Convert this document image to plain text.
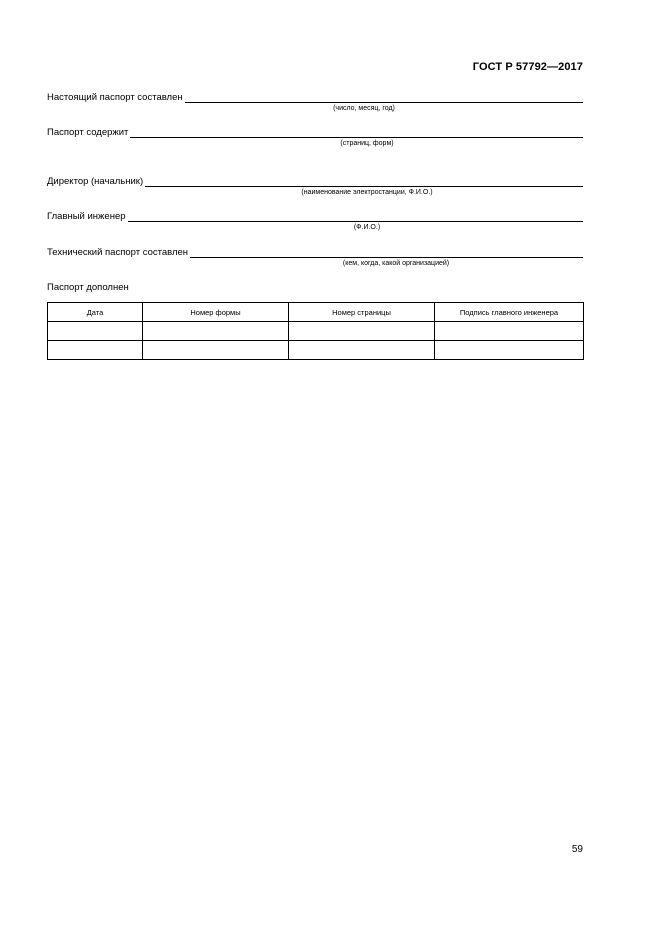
ГОСТ Р 57792—2017
Настоящий паспорт составлен
(число, месяц, год)
Паспорт содержит
(страниц, форм)
Директор (начальник)
(наименование электростанции, Ф.И.О.)
Главный инженер
(Ф.И.О.)
Технический паспорт составлен
(кем, когда, какой организацией)
Паспорт дополнен
Дата	Номер формы	Номер страницы	Подпись главного инженера

59
